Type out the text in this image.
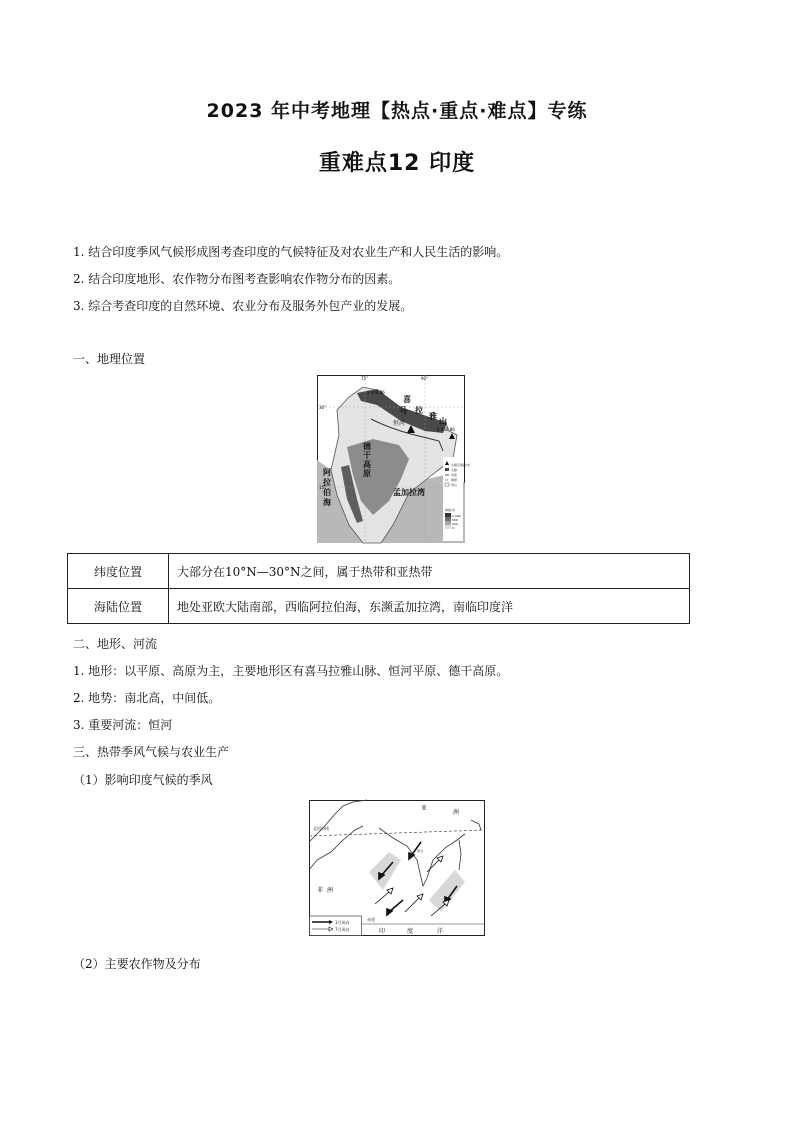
2023 年中考地理【热点·重点·难点】专练
重难点12 印度
1. 结合印度季风气候形成图考查印度的气候特征及对农业生产和人民生活的影响。
2. 结合印度地形、农作物分布图考查影响农作物分布的因素。
3. 综合考查印度的自然环境、农业分布及服务外包产业的发展。
一、地理位置
75°	90°
30°
15°
8 848.86
8 848.86
喜
马 拉
雅
山
恒河
德
干
高
原
阿
拉
伯
海
孟加拉湾
山峰及海拔/米
山脉
河流
国界
雪山
海拔/米
2 000
500
200
0
纬度位置	大部分在10°N—30°N之间，属于热带和亚热带
海陆位置	地处亚欧大陆南部，西临阿拉伯海，东濒孟加拉湾，南临印度洋
二、地形、河流
1. 地形：以平原、高原为主，主要地形区有喜马拉雅山脉、恒河平原、德干高原。
2. 地势：南北高，中间低。
3. 重要河流：恒河
三、热带季风气候与农业生产
（1）影响印度气候的季风
亚
洲
非 洲
北回归线
赤道
印	度	洋
喜马
1月风向
7月风向
（2）主要农作物及分布
